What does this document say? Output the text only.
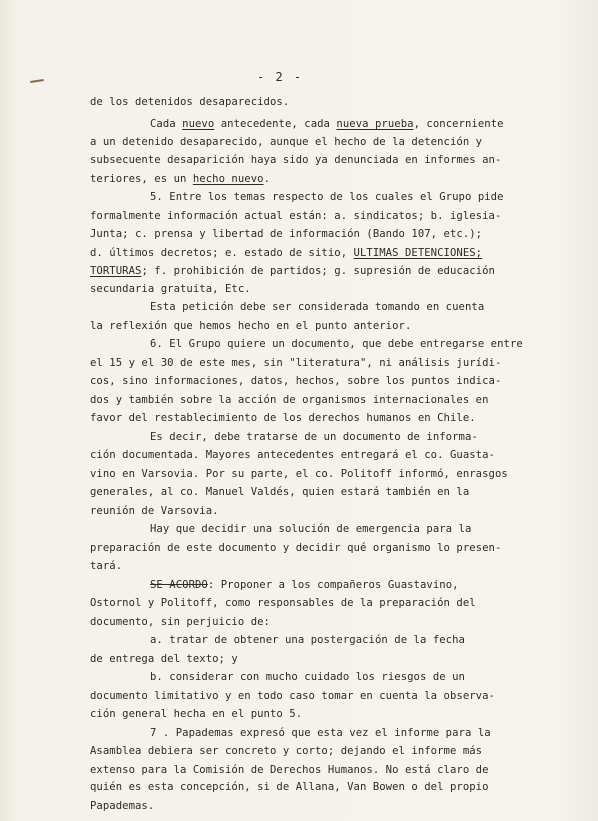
- 2 -
de los detenidos desaparecidos.
Cada nuevo antecedente, cada nueva prueba, concerniente
a un detenido desaparecido, aunque el hecho de la detención y
subsecuente desaparición haya sido ya denunciada en informes an-
teriores, es un hecho nuevo.
5. Entre los temas respecto de los cuales el Grupo pide
formalmente información actual están: a. sindicatos; b. iglesia-
Junta; c. prensa y libertad de información (Bando 107, etc.);
d. últimos decretos; e. estado de sitio, ULTIMAS DETENCIONES;
TORTURAS; f. prohibición de partidos; g. supresión de educación
secundaria gratuita, Etc.
Esta petición debe ser considerada tomando en cuenta
la reflexión que hemos hecho en el punto anterior.
6. El Grupo quiere un documento, que debe entregarse entre
el 15 y el 30 de este mes, sin "literatura", ni análisis jurídi-
cos, sino informaciones, datos, hechos, sobre los puntos indica-
dos y también sobre la acción de organismos internacionales en
favor del restablecimiento de los derechos humanos en Chile.
Es decir, debe tratarse de un documento de informa-
ción documentada. Mayores antecedentes entregará el co. Guasta-
vino en Varsovia. Por su parte, el co. Politoff informó, enrasgos
generales, al co. Manuel Valdés, quien estará también en la
reunión de Varsovia.
Hay que decidir una solución de emergencia para la
preparación de este documento y decidir qué organismo lo presen-
tará.
SE ACORDO: Proponer a los compañeros Guastavino,
Ostornol y Politoff, como responsables de la preparación del
documento, sin perjuicio de:
a. tratar de obtener una postergación de la fecha
de entrega del texto; y
b. considerar con mucho cuidado los riesgos de un
documento limitativo y en todo caso tomar en cuenta la observa-
ción general hecha en el punto 5.
7 . Papademas expresó que esta vez el informe para la
Asamblea debiera ser concreto y corto; dejando el informe más
extenso para la Comisión de Derechos Humanos. No está claro de
quién es esta concepción, si de Allana, Van Bowen o del propio
Papademas.
